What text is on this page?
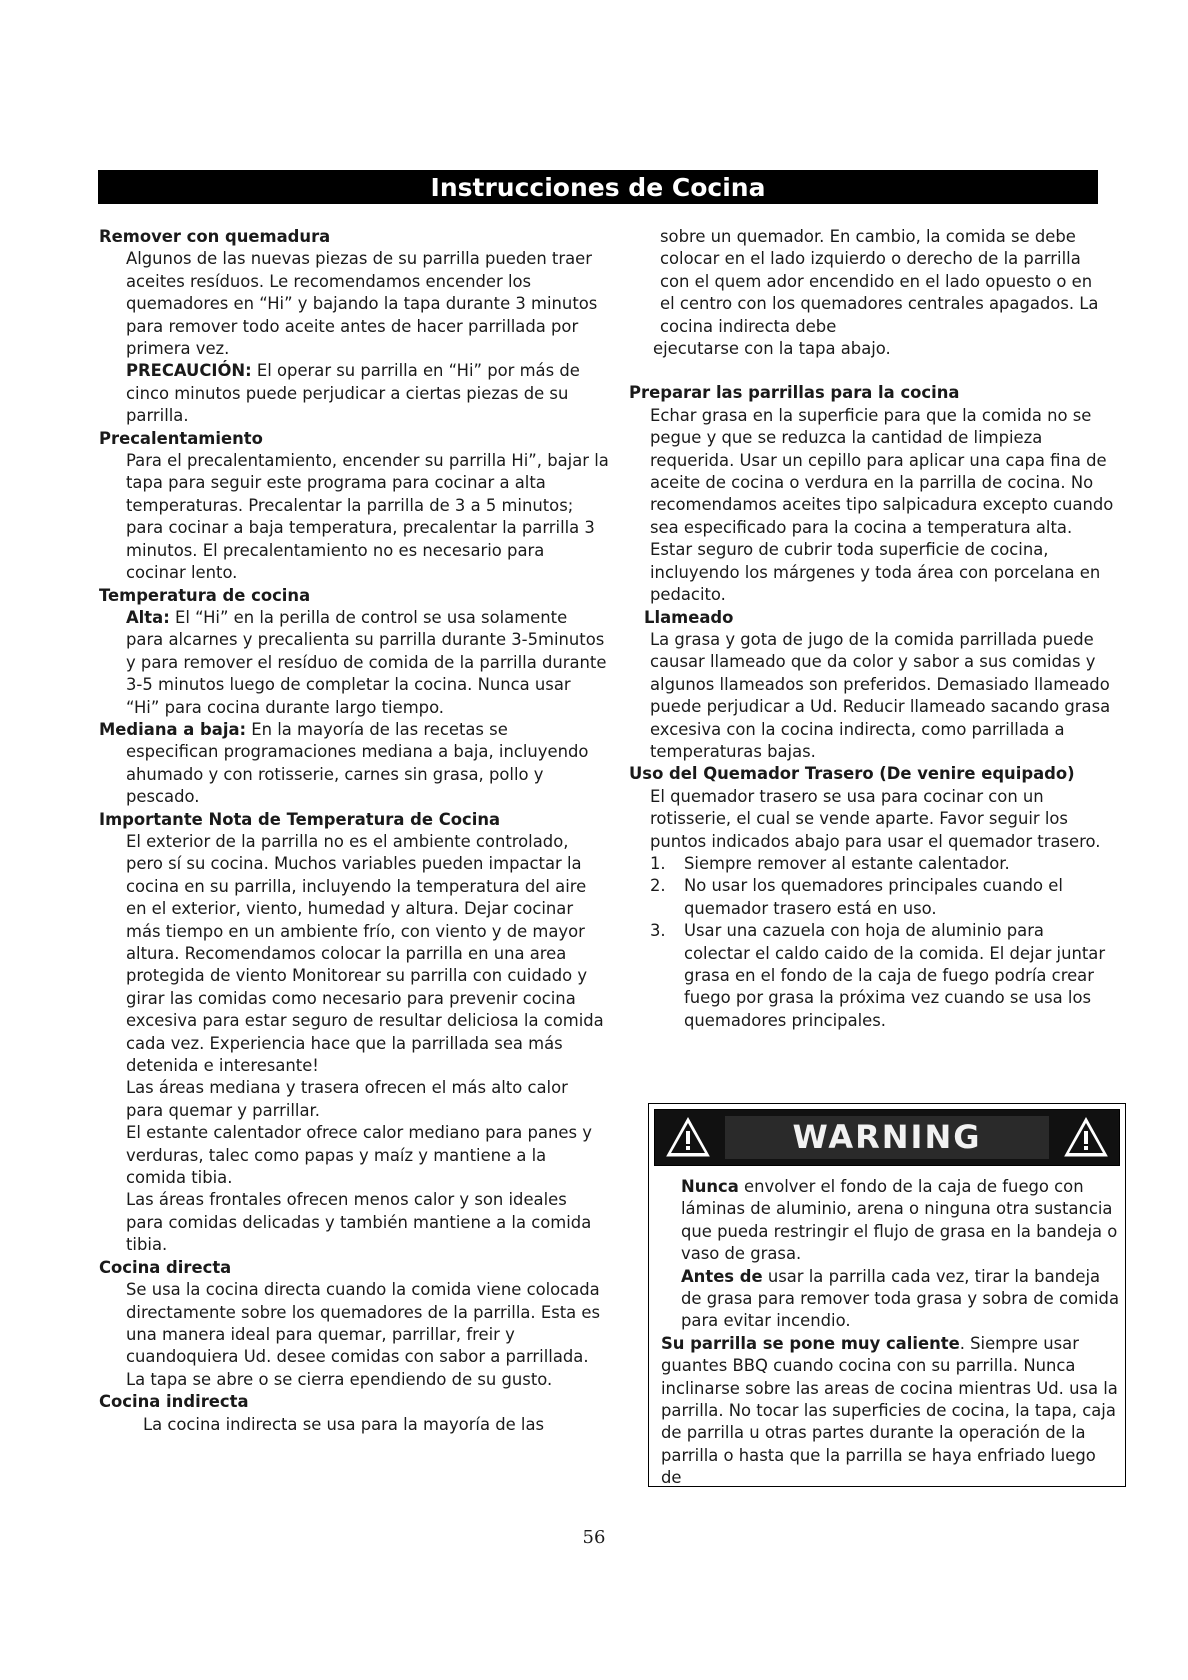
Instrucciones de Cocina

Remover con quemadura

Algunos de las nuevas piezas de su parrilla pueden traer aceites resíduos. Le recomendamos encender los quemadores en “Hi” y bajando la tapa durante 3 minutos para remover todo aceite antes de hacer parrillada por primera vez.

PRECAUCIÓN: El operar su parrilla en “Hi” por más de cinco minutos puede perjudicar a ciertas piezas de su parrilla.

Precalentamiento

Para el precalentamiento, encender su parrilla Hi”, bajar la tapa para seguir este programa para cocinar a alta temperaturas. Precalentar la parrilla de 3 a 5 minutos; para cocinar a baja temperatura, precalentar la parrilla 3 minutos. El precalentamiento no es necesario para cocinar lento.

Temperatura de cocina

Alta: El “Hi” en la perilla de control se usa solamente para alcarnes y precalienta su parrilla durante 3-5minutos y para remover el resíduo de comida de la parrilla durante 3-5 minutos luego de completar la cocina. Nunca usar “Hi” para cocina durante largo tiempo.

Mediana a baja: En la mayoría de las recetas se

especifican programaciones mediana a baja, incluyendo ahumado y con rotisserie, carnes sin grasa, pollo y pescado.

Importante Nota de Temperatura de Cocina

El exterior de la parrilla no es el ambiente controlado, pero sí su cocina. Muchos variables pueden impactar la cocina en su parrilla, incluyendo la temperatura del aire en el exterior, viento, humedad y altura. Dejar cocinar más tiempo en un ambiente frío, con viento y de mayor altura. Recomendamos colocar la parrilla en una area protegida de viento Monitorear su parrilla con cuidado y girar las comidas como necesario para prevenir cocina excesiva para estar seguro de resultar deliciosa la comida cada vez. Experiencia hace que la parrillada sea más detenida e interesante!

Las áreas mediana y trasera ofrecen el más alto calor para quemar y parrillar.

El estante calentador ofrece calor mediano para panes y verduras, talec como papas y maíz y mantiene a la comida tibia.

Las áreas frontales ofrecen menos calor y son ideales para comidas delicadas y también mantiene a la comida tibia.

Cocina directa

Se usa la cocina directa cuando la comida viene colocada directamente sobre los quemadores de la parrilla. Esta es una manera ideal para quemar, parrillar, freir y cuandoquiera Ud. desee comidas con sabor a parrillada. La tapa se abre o se cierra ependiendo de su gusto.

Cocina indirecta

La cocina indirecta se usa para la mayoría de las

sobre un quemador. En cambio, la comida se debe colocar en el lado izquierdo o derecho de la parrilla con el quem ador encendido en el lado opuesto o en el centro con los quemadores centrales apagados. La cocina indirecta debe

ejecutarse con la tapa abajo.

Preparar las parrillas para la cocina

Echar grasa en la superficie para que la comida no se pegue y que se reduzca la cantidad de limpieza requerida. Usar un cepillo para aplicar una capa fina de aceite de cocina o verdura en la parrilla de cocina. No recomendamos aceites tipo salpicadura excepto cuando sea especificado para la cocina a temperatura alta. Estar seguro de cubrir toda superficie de cocina, incluyendo los márgenes y toda área con porcelana en pedacito.

Llameado

La grasa y gota de jugo de la comida parrillada puede causar llameado que da color y sabor a sus comidas y algunos llameados son preferidos. Demasiado llameado puede perjudicar a Ud. Reducir llameado sacando grasa excesiva con la cocina indirecta, como parrillada a temperaturas bajas.

Uso del Quemador Trasero (De venire equipado)

El quemador trasero se usa para cocinar con un rotisserie, el cual se vende aparte. Favor seguir los puntos indicados abajo para usar el quemador trasero.

1.	Siempre remover al estante calentador.
2.	No usar los quemadores principales cuando el quemador trasero está en uso.
3.	Usar una cazuela con hoja de aluminio para colectar el caldo caido de la comida. El dejar juntar grasa en el fondo de la caja de fuego podría crear fuego por grasa la próxima vez cuando se usa los quemadores principales.
WARNING

Nunca envolver el fondo de la caja de fuego con láminas de aluminio, arena o ninguna otra sustancia que pueda restringir el flujo de grasa en la bandeja o vaso de grasa.

Antes de usar la parrilla cada vez, tirar la bandeja de grasa para remover toda grasa y sobra de comida para evitar incendio.

Su parrilla se pone muy caliente. Siempre usar guantes BBQ cuando cocina con su parrilla. Nunca inclinarse sobre las areas de cocina mientras Ud. usa la parrilla. No tocar las superficies de cocina, la tapa, caja de parrilla u otras partes durante la operación de la parrilla o hasta que la parrilla se haya enfriado luego de

56
